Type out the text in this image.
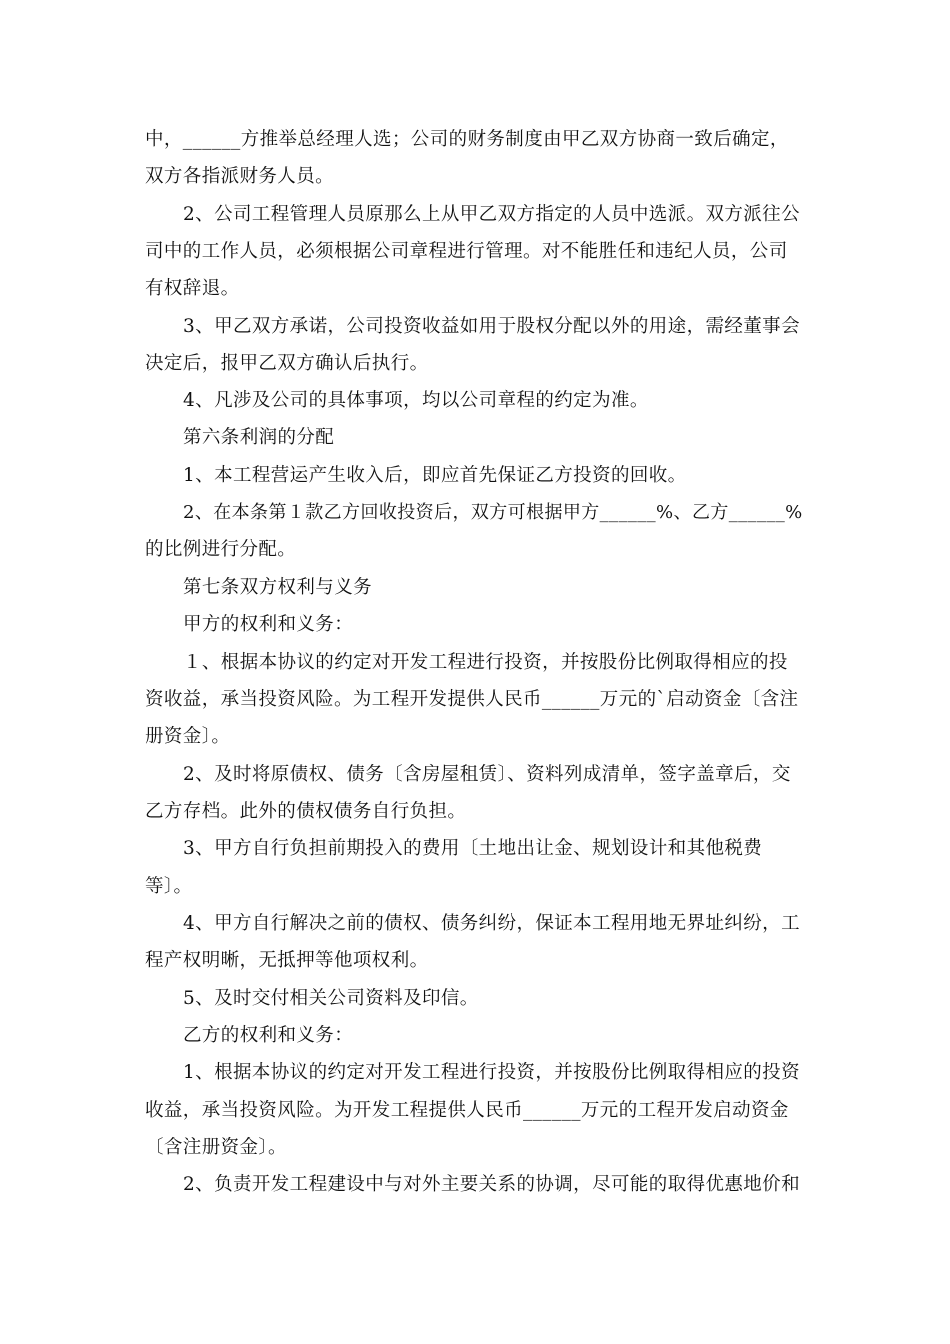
中，______方推举总经理人选；公司的财务制度由甲乙双方协商一致后确定，
双方各指派财务人员。
2、公司工程管理人员原那么上从甲乙双方指定的人员中选派。双方派往公
司中的工作人员，必须根据公司章程进行管理。对不能胜任和违纪人员，公司
有权辞退。
3、甲乙双方承诺，公司投资收益如用于股权分配以外的用途，需经董事会
决定后，报甲乙双方确认后执行。
4、凡涉及公司的具体事项，均以公司章程的约定为准。
第六条利润的分配
1、本工程营运产生收入后，即应首先保证乙方投资的回收。
2、在本条第１款乙方回收投资后，双方可根据甲方______%、乙方______%
的比例进行分配。
第七条双方权利与义务
甲方的权利和义务：
１、根据本协议的约定对开发工程进行投资，并按股份比例取得相应的投
资收益，承当投资风险。为工程开发提供人民币______万元的`启动资金〔含注
册资金〕。
2、及时将原债权、债务〔含房屋租赁〕、资料列成清单，签字盖章后，交
乙方存档。此外的债权债务自行负担。
3、甲方自行负担前期投入的费用〔土地出让金、规划设计和其他税费
等〕。
4、甲方自行解决之前的债权、债务纠纷，保证本工程用地无界址纠纷，工
程产权明晰，无抵押等他项权利。
5、及时交付相关公司资料及印信。
乙方的权利和义务：
1、根据本协议的约定对开发工程进行投资，并按股份比例取得相应的投资
收益，承当投资风险。为开发工程提供人民币______万元的工程开发启动资金
〔含注册资金〕。
2、负责开发工程建设中与对外主要关系的协调，尽可能的取得优惠地价和
